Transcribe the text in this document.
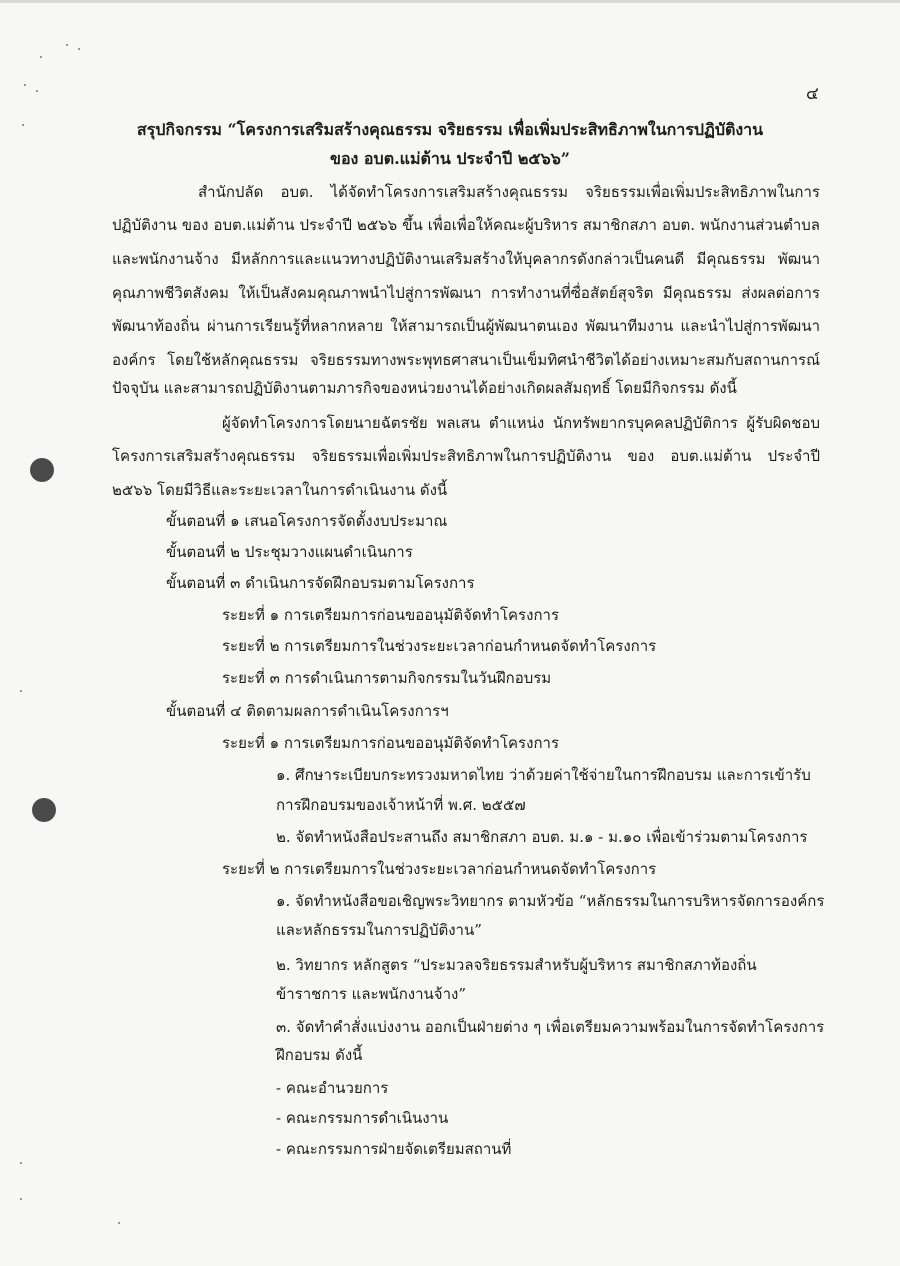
๔
สรุปกิจกรรม “โครงการเสริมสร้างคุณธรรม จริยธรรม เพื่อเพิ่มประสิทธิภาพในการปฏิบัติงาน
ของ อบต.แม่ต้าน ประจำปี ๒๕๖๖”
สำนักปลัด อบต. ได้จัดทำโครงการเสริมสร้างคุณธรรม จริยธรรมเพื่อเพิ่มประสิทธิภาพในการ
ปฏิบัติงาน ของ อบต.แม่ต้าน ประจำปี ๒๕๖๖ ขึ้น เพื่อเพื่อให้คณะผู้บริหาร สมาชิกสภา อบต. พนักงานส่วนตำบล
และพนักงานจ้าง มีหลักการและแนวทางปฏิบัติงานเสริมสร้างให้บุคลากรดังกล่าวเป็นคนดี มีคุณธรรม พัฒนา
คุณภาพชีวิตสังคม ให้เป็นสังคมคุณภาพนำไปสู่การพัฒนา การทำงานที่ซื่อสัตย์สุจริต มีคุณธรรม ส่งผลต่อการ
พัฒนาท้องถิ่น ผ่านการเรียนรู้ที่หลากหลาย ให้สามารถเป็นผู้พัฒนาตนเอง พัฒนาทีมงาน และนำไปสู่การพัฒนา
องค์กร โดยใช้หลักคุณธรรม จริยธรรมทางพระพุทธศาสนาเป็นเข็มทิศนำชีวิตได้อย่างเหมาะสมกับสถานการณ์
ปัจจุบัน และสามารถปฏิบัติงานตามภารกิจของหน่วยงานได้อย่างเกิดผลสัมฤทธิ์ โดยมีกิจกรรม ดังนี้
ผู้จัดทำโครงการโดยนายฉัตรชัย พลเสน ตำแหน่ง นักทรัพยากรบุคคลปฏิบัติการ ผู้รับผิดชอบ
โครงการเสริมสร้างคุณธรรม จริยธรรมเพื่อเพิ่มประสิทธิภาพในการปฏิบัติงาน ของ อบต.แม่ต้าน ประจำปี
๒๕๖๖ โดยมีวิธีและระยะเวลาในการดำเนินงาน ดังนี้
ขั้นตอนที่ ๑ เสนอโครงการจัดตั้งงบประมาณ
ขั้นตอนที่ ๒ ประชุมวางแผนดำเนินการ
ขั้นตอนที่ ๓ ดำเนินการจัดฝึกอบรมตามโครงการ
ระยะที่ ๑ การเตรียมการก่อนขออนุมัติจัดทำโครงการ
ระยะที่ ๒ การเตรียมการในช่วงระยะเวลาก่อนกำหนดจัดทำโครงการ
ระยะที่ ๓ การดำเนินการตามกิจกรรมในวันฝึกอบรม
ขั้นตอนที่ ๔ ติดตามผลการดำเนินโครงการฯ
ระยะที่ ๑ การเตรียมการก่อนขออนุมัติจัดทำโครงการ
๑. ศึกษาระเบียบกระทรวงมหาดไทย ว่าด้วยค่าใช้จ่ายในการฝึกอบรม และการเข้ารับ
การฝึกอบรมของเจ้าหน้าที่ พ.ศ. ๒๕๕๗
๒. จัดทำหนังสือประสานถึง สมาชิกสภา อบต. ม.๑ - ม.๑๐ เพื่อเข้าร่วมตามโครงการ
ระยะที่ ๒ การเตรียมการในช่วงระยะเวลาก่อนกำหนดจัดทำโครงการ
๑. จัดทำหนังสือขอเชิญพระวิทยากร ตามหัวข้อ “หลักธรรมในการบริหารจัดการองค์กร
และหลักธรรมในการปฏิบัติงาน”
๒. วิทยากร หลักสูตร “ประมวลจริยธรรมสำหรับผู้บริหาร สมาชิกสภาท้องถิ่น
ข้าราชการ และพนักงานจ้าง”
๓. จัดทำคำสั่งแบ่งงาน ออกเป็นฝ่ายต่าง ๆ เพื่อเตรียมความพร้อมในการจัดทำโครงการ
ฝึกอบรม ดังนี้
- คณะอำนวยการ
- คณะกรรมการดำเนินงาน
- คณะกรรมการฝ่ายจัดเตรียมสถานที่
